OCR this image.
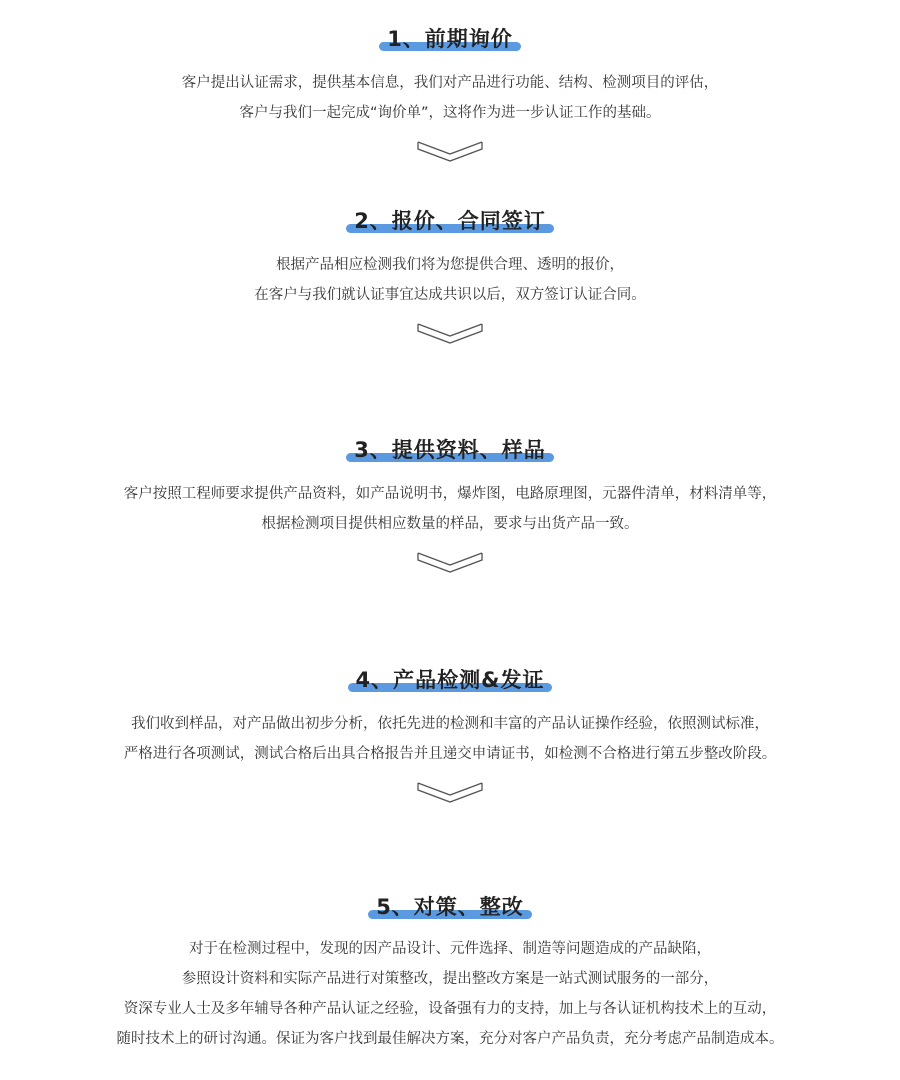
1、前期询价
客户提出认证需求，提供基本信息，我们对产品进行功能、结构、检测项目的评估，
客户与我们一起完成“询价单”，这将作为进一步认证工作的基础。
2、报价、合同签订
根据产品相应检测我们将为您提供合理、透明的报价，
在客户与我们就认证事宜达成共识以后，双方签订认证合同。
3、提供资料、样品
客户按照工程师要求提供产品资料，如产品说明书，爆炸图，电路原理图，元器件清单，材料清单等，
根据检测项目提供相应数量的样品，要求与出货产品一致。
4、产品检测&发证
我们收到样品，对产品做出初步分析，依托先进的检测和丰富的产品认证操作经验，依照测试标准，
严格进行各项测试，测试合格后出具合格报告并且递交申请证书，如检测不合格进行第五步整改阶段。
5、对策、整改
对于在检测过程中，发现的因产品设计、元件选择、制造等问题造成的产品缺陷，
参照设计资料和实际产品进行对策整改，提出整改方案是一站式测试服务的一部分，
资深专业人士及多年辅导各种产品认证之经验，设备强有力的支持，加上与各认证机构技术上的互动，
随时技术上的研讨沟通。保证为客户找到最佳解决方案，充分对客户产品负责，充分考虑产品制造成本。
